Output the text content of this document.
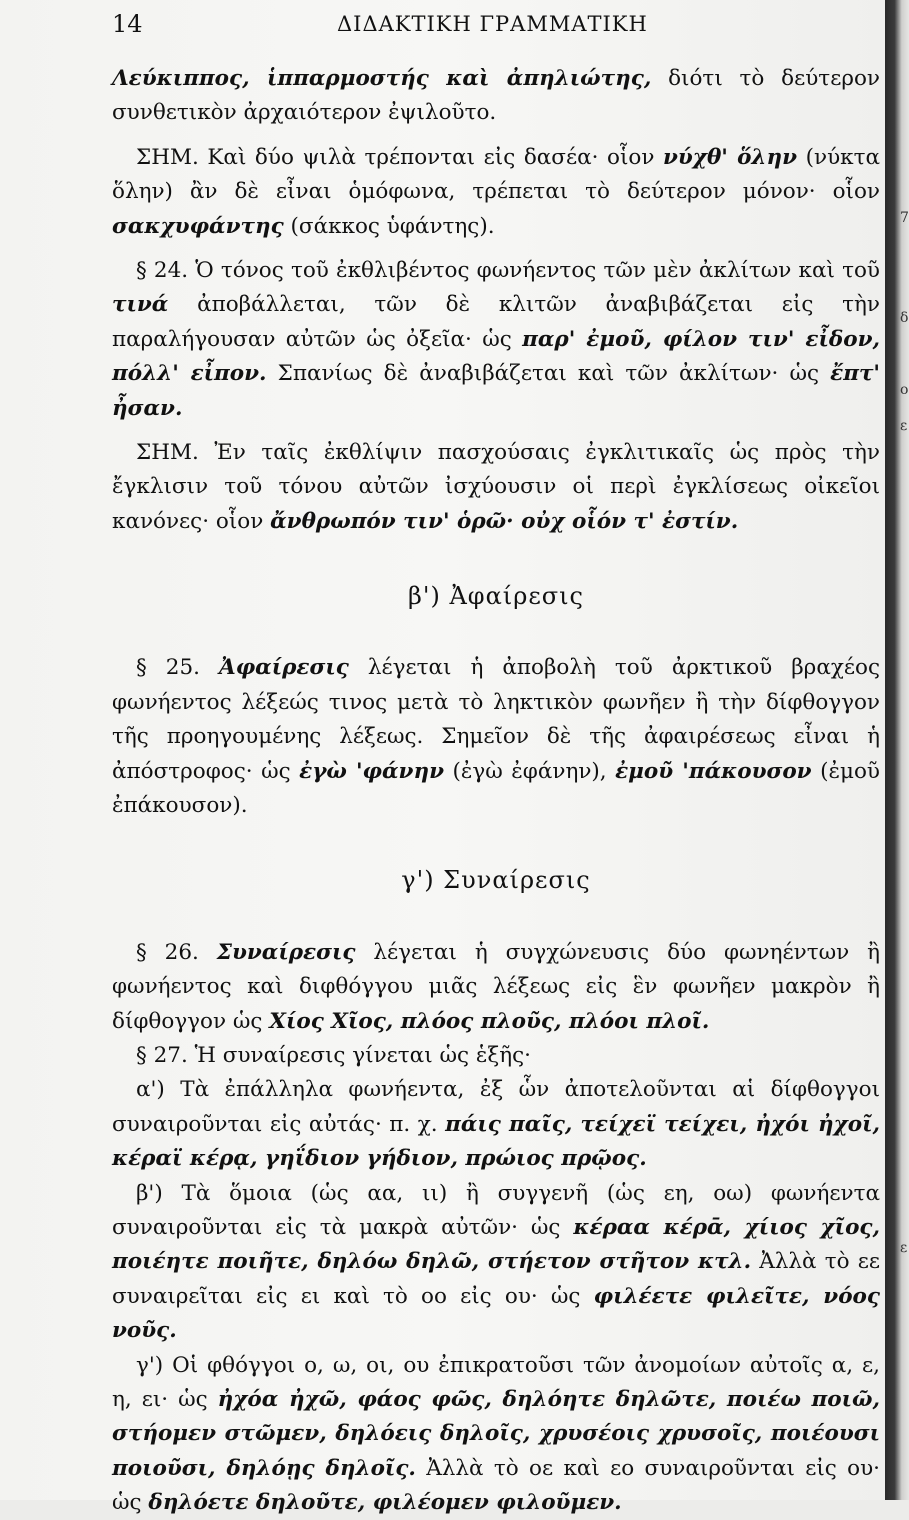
14	ΔΙΔΑΚΤΙΚΗ ΓΡΑΜΜΑΤΙΚΗ

Λεύκιππος, ἱππαρμοστής καὶ ἀπηλιώτης, διότι τὸ δεύτερον συνθετικὸν ἀρχαιότερον ἐψιλοῦτο.

ΣΗΜ. Καὶ δύο ψιλὰ τρέπονται εἰς δασέα· οἷον νύχθ' ὅλην (νύκτα ὅλην) ἂν δὲ εἶναι ὁμόφωνα, τρέπεται τὸ δεύτερον μόνον· οἷον σακχυφάντης (σάκκος ὑφάντης).

§ 24. Ὁ τόνος τοῦ ἐκθλιβέντος φωνήεντος τῶν μὲν ἀκλίτων καὶ τοῦ τινά ἀποβάλλεται, τῶν δὲ κλιτῶν ἀναβιβάζεται εἰς τὴν παραλήγουσαν αὐτῶν ὡς ὀξεῖα· ὡς παρ' ἐμοῦ, φίλον τιν' εἶδον, πόλλ' εἶπον. Σπανίως δὲ ἀναβιβάζεται καὶ τῶν ἀκλίτων· ὡς ἔπτ' ἦσαν.

ΣΗΜ. Ἐν ταῖς ἐκθλίψιν πασχούσαις ἐγκλιτικαῖς ὡς πρὸς τὴν ἔγκλισιν τοῦ τόνου αὐτῶν ἰσχύουσιν οἱ περὶ ἐγκλίσεως οἰκεῖοι κανόνες· οἷον ἄνθρωπόν τιν' ὁρῶ· οὐχ οἷόν τ' ἐστίν.

β') Ἀφαίρεσις

§ 25. Ἀφαίρεσις λέγεται ἡ ἀποβολὴ τοῦ ἀρκτικοῦ βραχέος φωνήεντος λέξεώς τινος μετὰ τὸ ληκτικὸν φωνῆεν ἢ τὴν δίφθογγον τῆς προηγουμένης λέξεως. Σημεῖον δὲ τῆς ἀφαιρέσεως εἶναι ἡ ἀπόστροφος· ὡς ἐγὼ 'φάνην (ἐγὼ ἐφάνην), ἐμοῦ 'πάκουσον (ἐμοῦ ἐπάκουσον).

γ') Συναίρεσις

§ 26. Συναίρεσις λέγεται ἡ συγχώνευσις δύο φωνηέντων ἢ φωνήεντος καὶ διφθόγγου μιᾶς λέξεως εἰς ἓν φωνῆεν μακρὸν ἢ δίφθογγον ὡς Χίος Χῖος, πλόος πλοῦς, πλόοι πλοῖ.

§ 27. Ἡ συναίρεσις γίνεται ὡς ἑξῆς·

α') Τὰ ἐπάλληλα φωνήεντα, ἐξ ὧν ἀποτελοῦνται αἱ δίφθογγοι συναιροῦνται εἰς αὐτάς· π. χ. πάις παῖς, τείχεϊ τείχει, ἠχόι ἠχοῖ, κέραϊ κέρᾳ, γηΐδιον γήδιον, πρώιος πρῷος.

β') Τὰ ὅμοια (ὡς αα, ιι) ἢ συγγενῆ (ὡς εη, οω) φωνήεντα συναιροῦνται εἰς τὰ μακρὰ αὐτῶν· ὡς κέραα κέρᾱ, χίιος χῖος, ποιέητε ποιῆτε, δηλόω δηλῶ, στήετον στῆτον κτλ. Ἀλλὰ τὸ εε συναιρεῖται εἰς ει καὶ τὸ οο εἰς ου· ὡς φιλέετε φιλεῖτε, νόος νοῦς.

γ') Οἱ φθόγγοι ο, ω, οι, ου ἐπικρατοῦσι τῶν ἀνομοίων αὐτοῖς α, ε, η, ει· ὡς ἠχόα ἠχῶ, φάος φῶς, δηλόητε δηλῶτε, ποιέω ποιῶ, στήομεν στῶμεν, δηλόεις δηλοῖς, χρυσέοις χρυσοῖς, ποιέουσι ποιοῦσι, δηλόῃς δηλοῖς. Ἀλλὰ τὸ οε καὶ εο συναιροῦνται εἰς ου· ὡς δηλόετε δηλοῦτε, φιλέομεν φιλοῦμεν.

7
δ
ο
ε
ε
